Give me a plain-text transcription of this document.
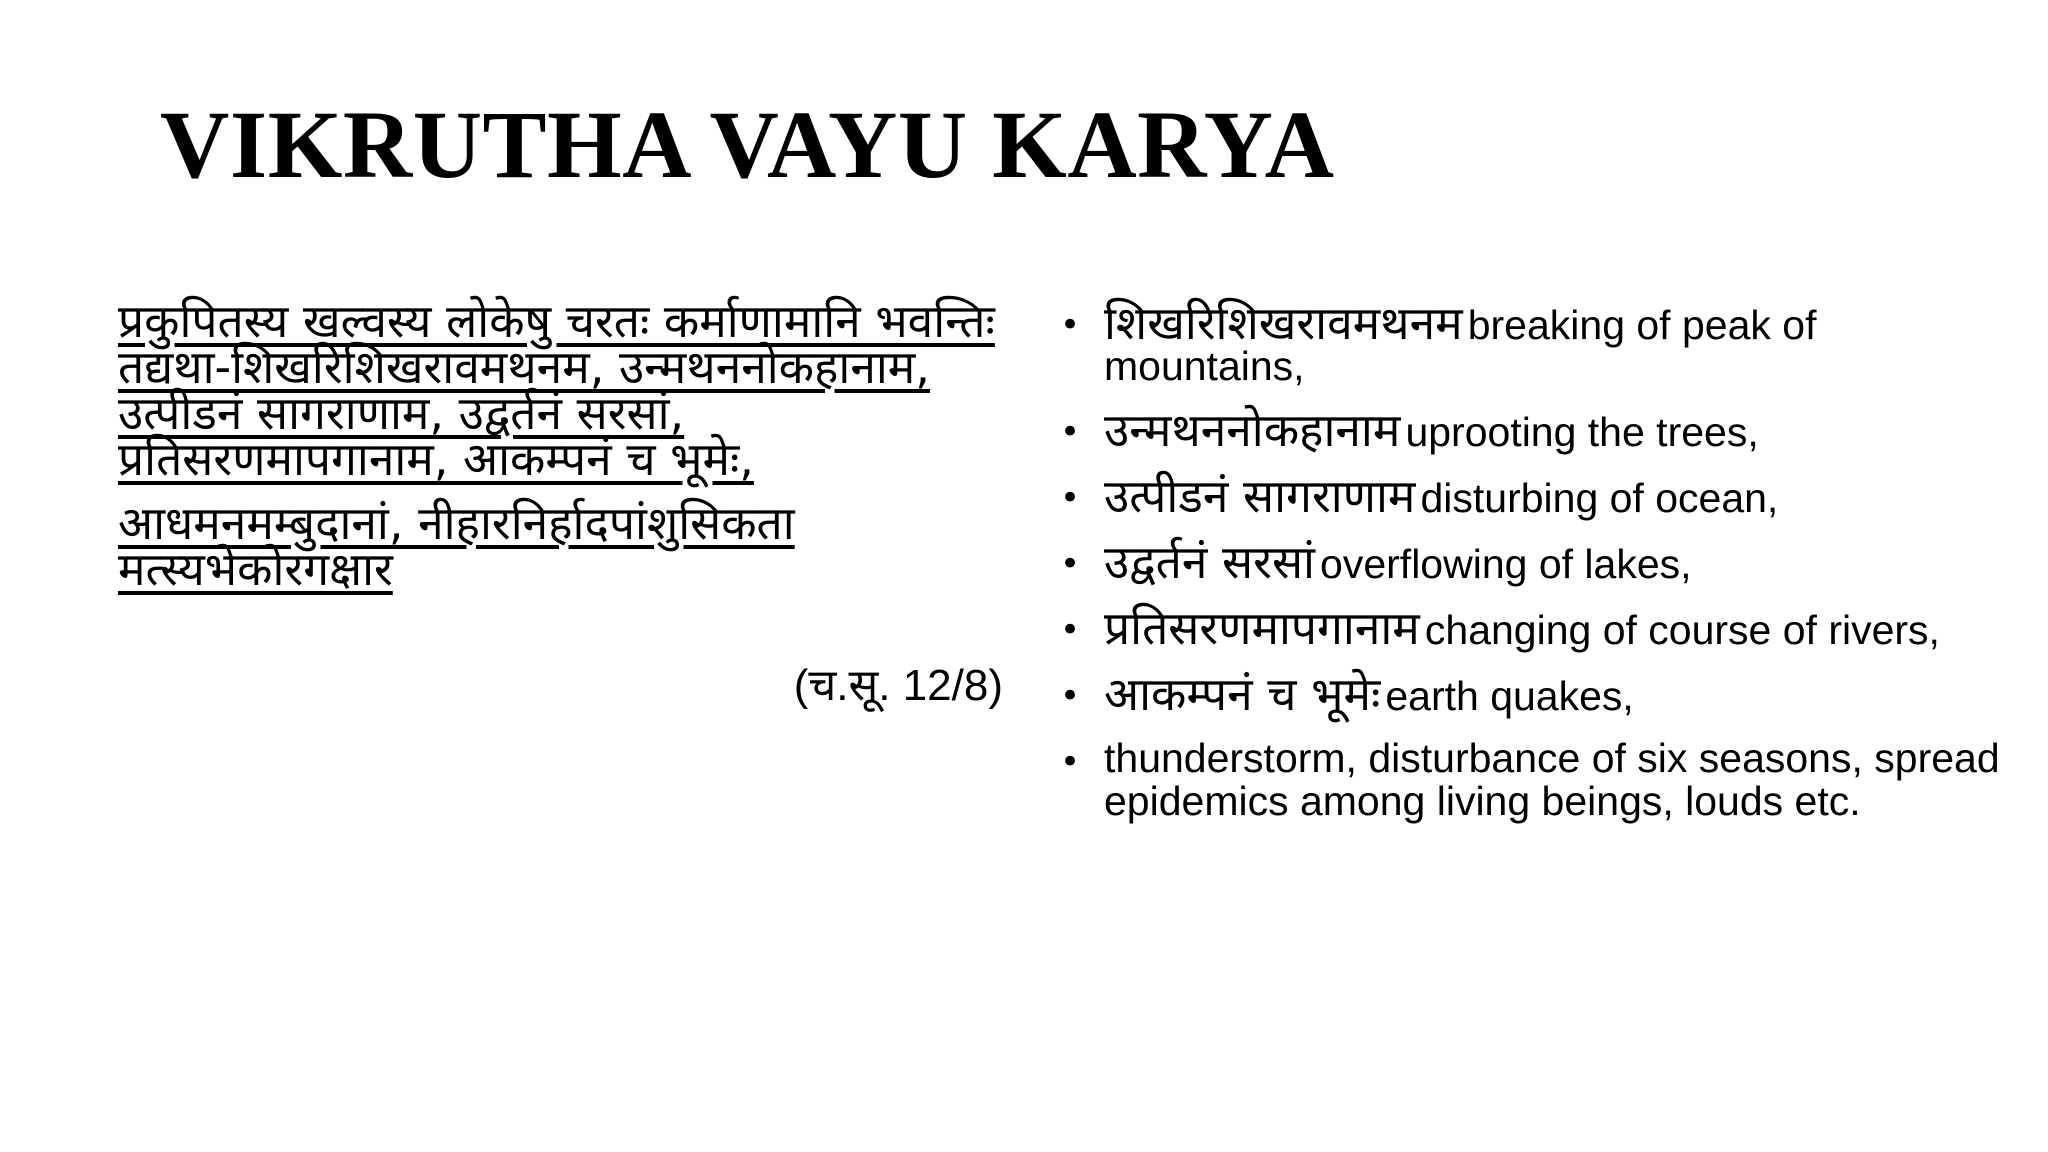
VIKRUTHA VAYU KARYA

प्रकुपितस्य खल्वस्य लोकेषु चरतः कर्माणामानि भवन्तिः तद्यथा-शिखरिशिखरावमथनम, उन्मथननोकहानाम, उत्पीडनं सागराणाम, उद्वर्तनं सरसां, प्रतिसरणमापगानाम, आकम्पनं च भूमेः,

आधमनमम्बुदानां, नीहारनिर्हादपांशुसिकता मत्स्यभेकोरगक्षार

(च.सू. 12/8)
• शिखरिशिखरावमथनम breaking of peak of mountains,
• उन्मथननोकहानाम uprooting the trees,
• उत्पीडनं सागराणाम disturbing of ocean,
• उद्वर्तनं सरसां overflowing of lakes,
• प्रतिसरणमापगानाम changing of course of rivers,
• आकम्पनं च भूमेः earth quakes,
• thunderstorm, disturbance of six seasons, spread epidemics among living beings, louds etc.
